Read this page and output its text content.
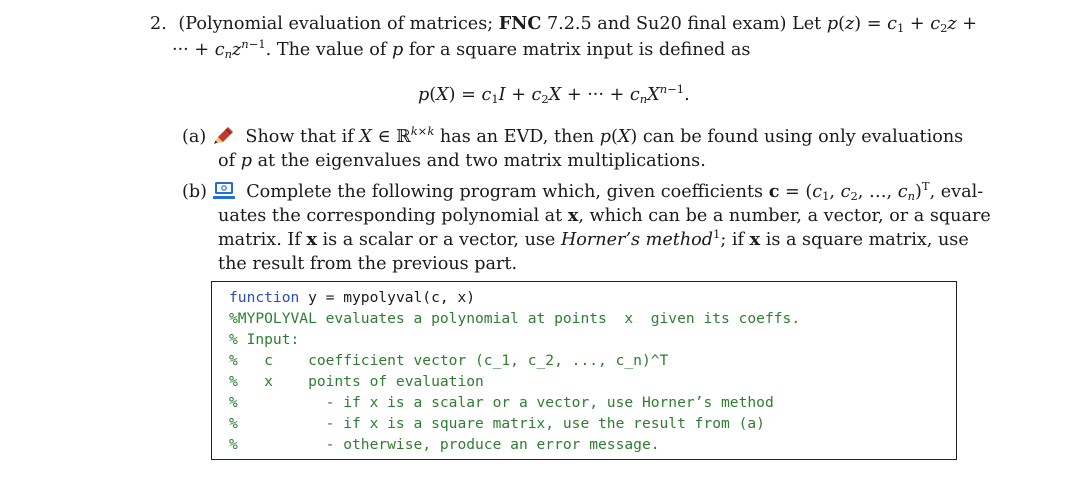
2. (Polynomial evaluation of matrices; FNC 7.2.5 and Su20 final exam) Let $p(z) = c_1 + c_2z$ +
··· + $c_nz^{n-1}$. The value of p for a square matrix input is defined as
$p(X) = c_1I + c_2X$ + ··· + $c_nX^{n-1}$.
(a) Show that if X ∈ ℝ$^{k\times k}$ has an EVD, then p(X) can be found using only evaluations
of p at the eigenvalues and two matrix multiplications.
(b) Complete the following program which, given coefficients $c = (c_1$, $c_2$, …, $c_n)^T$, eval-
uates the corresponding polynomial at x, which can be a number, a vector, or a square
matrix. If x is a scalar or a vector, use Horner’s method$^1$; if x is a square matrix, use
the result from the previous part.
function y = mypolyval(c, x)
%MYPOLYVAL evaluates a polynomial at points  x  given its coeffs.
% Input:
%   c    coefficient vector (c_1, c_2, ..., c_n)^T
%   x    points of evaluation
%          - if x is a scalar or a vector, use Horner’s method
%          - if x is a square matrix, use the result from (a)
%          - otherwise, produce an error message.
